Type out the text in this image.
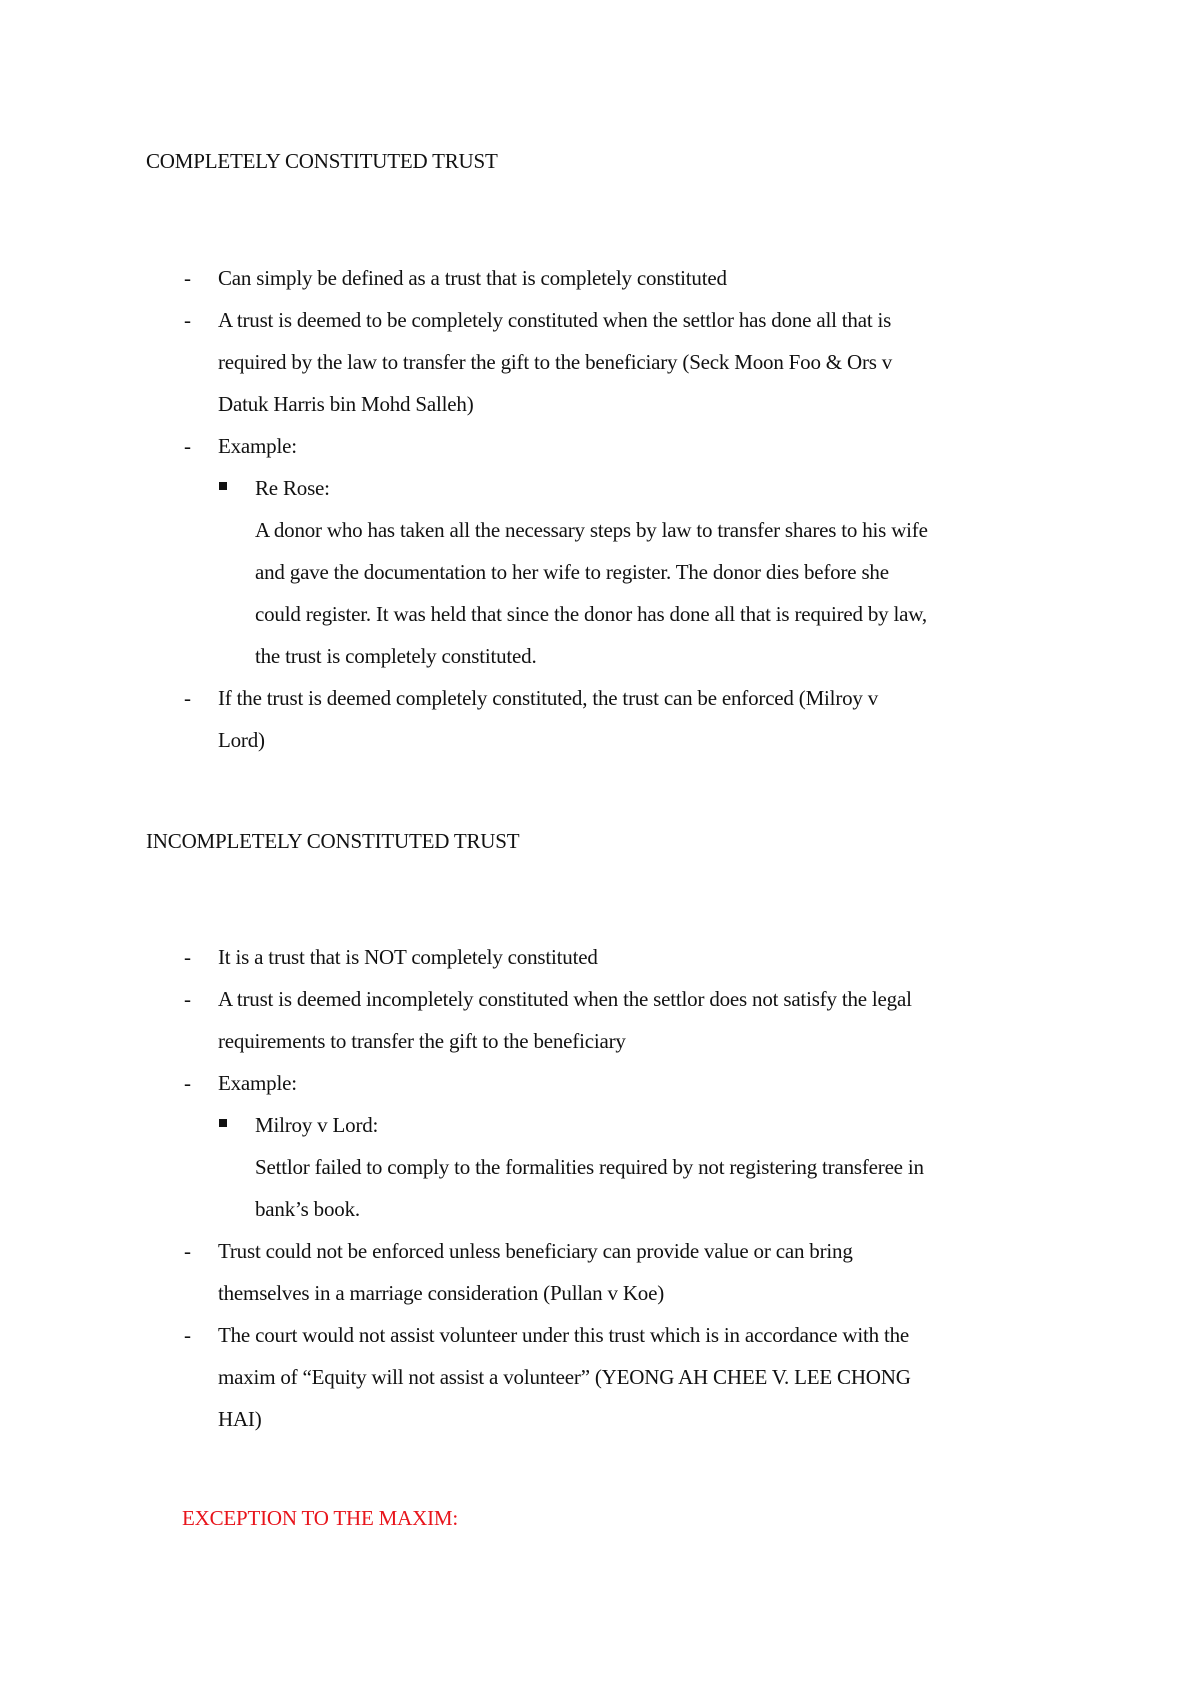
COMPLETELY CONSTITUTED TRUST
- Can simply be defined as a trust that is completely constituted
- A trust is deemed to be completely constituted when the settlor has done all that is
required by the law to transfer the gift to the beneficiary (Seck Moon Foo & Ors v
Datuk Harris bin Mohd Salleh)
- Example:
Re Rose:
A donor who has taken all the necessary steps by law to transfer shares to his wife
and gave the documentation to her wife to register. The donor dies before she
could register. It was held that since the donor has done all that is required by law,
the trust is completely constituted.
- If the trust is deemed completely constituted, the trust can be enforced (Milroy v
Lord)
INCOMPLETELY CONSTITUTED TRUST
- It is a trust that is NOT completely constituted
- A trust is deemed incompletely constituted when the settlor does not satisfy the legal
requirements to transfer the gift to the beneficiary
- Example:
Milroy v Lord:
Settlor failed to comply to the formalities required by not registering transferee in
bank’s book.
- Trust could not be enforced unless beneficiary can provide value or can bring
themselves in a marriage consideration (Pullan v Koe)
- The court would not assist volunteer under this trust which is in accordance with the
maxim of “Equity will not assist a volunteer” (YEONG AH CHEE V. LEE CHONG
HAI)
EXCEPTION TO THE MAXIM:
